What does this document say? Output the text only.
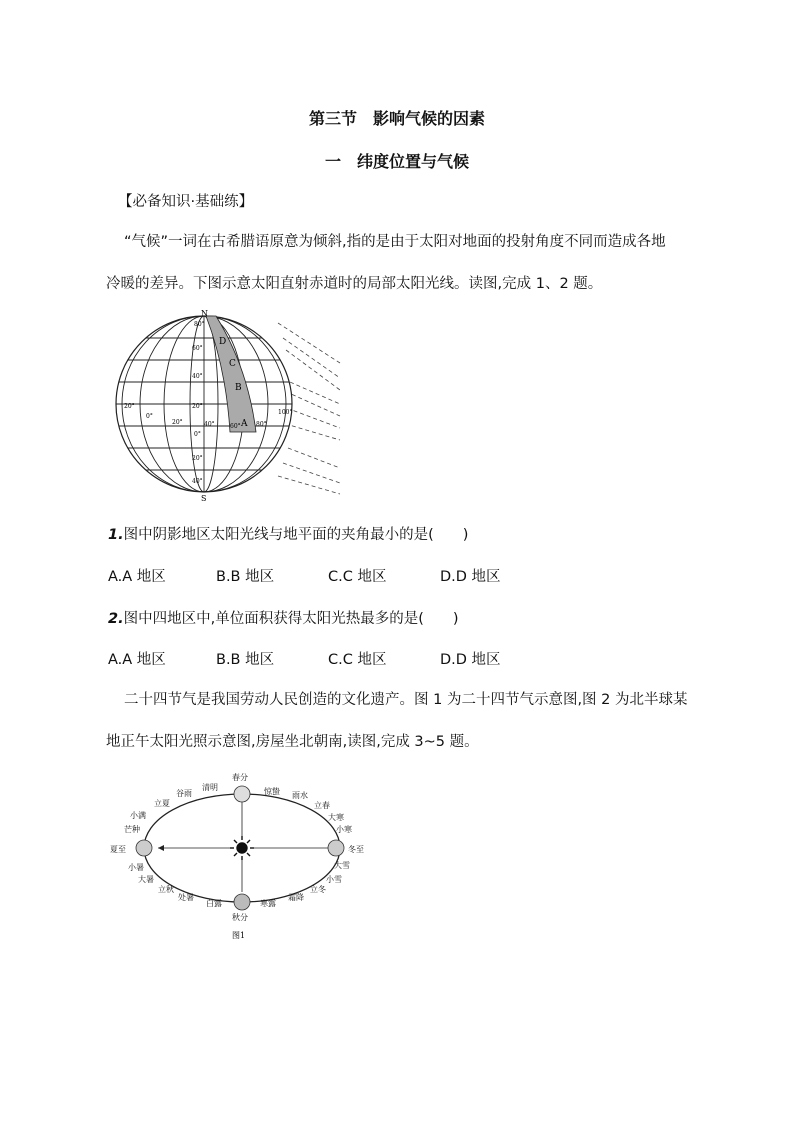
第三节　影响气候的因素
一　纬度位置与气候
【必备知识·基础练】
“气候”一词在古希腊语原意为倾斜,指的是由于太阳对地面的投射角度不同而造成各地
冷暖的差异。下图示意太阳直射赤道时的局部太阳光线。读图,完成 1、2 题。
N
S
D
C
B
A
80°
60°
40°
20°
0°
20°
40°
20°
0°
20°	40°	60°	80°
100°
1.图中阴影地区太阳光线与地平面的夹角最小的是(　　)
A.A 地区	B.B 地区	C.C 地区	D.D 地区
2.图中四地区中,单位面积获得太阳光热最多的是(　　)
A.A 地区	B.B 地区	C.C 地区	D.D 地区
二十四节气是我国劳动人民创造的文化遗产。图 1 为二十四节气示意图,图 2 为北半球某
地正午太阳光照示意图,房屋坐北朝南,读图,完成 3~5 题。
春分
惊蛰 雨水
立春
大寒
小寒
冬至
大雪
小雪
立冬
霜降
寒露
秋分
白露
处暑
立秋
大暑
小暑
夏至
芒种
小满
立夏
谷雨
清明
图1
